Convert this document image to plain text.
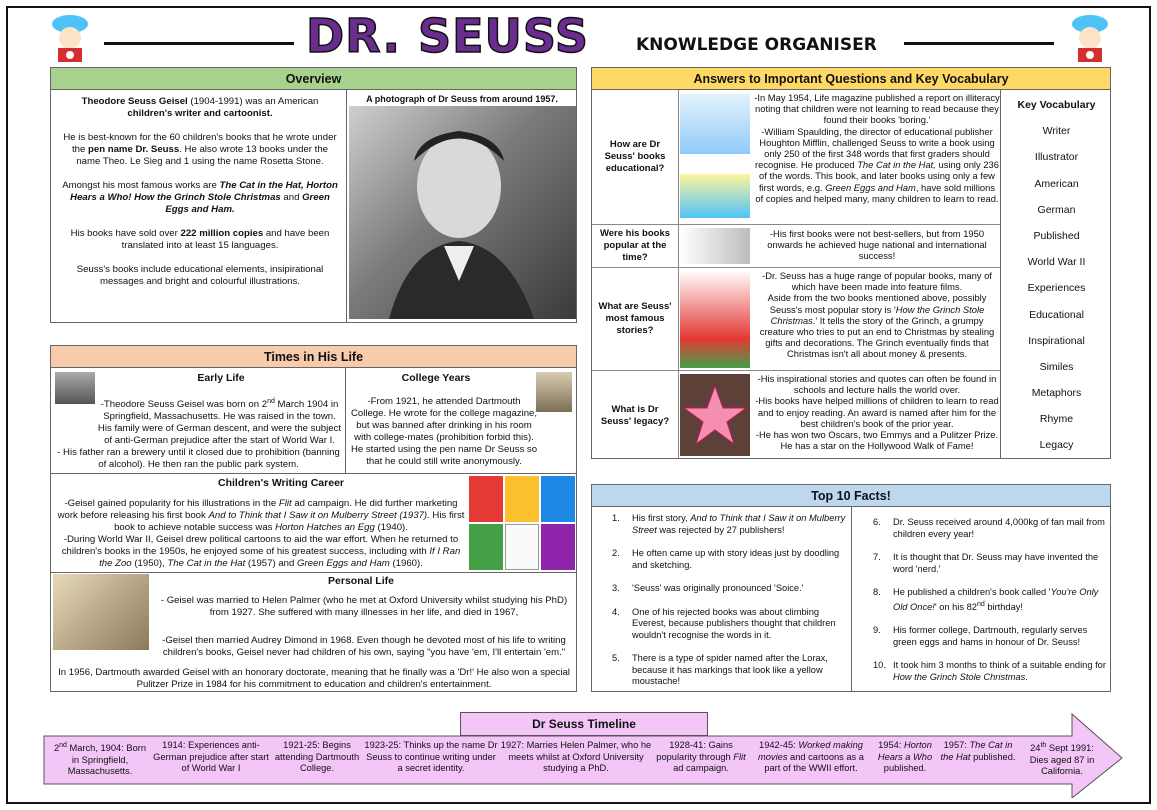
DR. SEUSS	KNOWLEDGE ORGANISER
Overview

Theodore Seuss Geisel (1904-1991) was an American children's writer and cartoonist.

He is best-known for the 60 children's books that he wrote under the pen name Dr. Seuss. He also wrote 13 books under the name Theo. Le Sieg and 1 using the name Rosetta Stone.

Amongst his most famous works are The Cat in the Hat, Horton Hears a Who! How the Grinch Stole Christmas and Green Eggs and Ham.

His books have sold over 222 million copies and have been translated into at least 15 languages.

Seuss's books include educational elements, insipirational messages and bright and colourful illustrations.

A photograph of Dr Seuss from around 1957.
Times in His Life
Early Life

-Theodore Seuss Geisel was born on 2nd March 1904 in Springfield, Massachusetts. He was raised in the town. His family were of German descent, and were the subject of anti-German prejudice after the start of World War I.

- His father ran a brewery until it closed due to prohibition (banning of alcohol). He then ran the public park system.

College Years
-From 1921, he attended Dartmouth College. He wrote for the college magazine, but was banned after drinking in his room with college-mates (prohibition forbid this). He started using the pen name Dr Seuss so that he could still write anonymously.
Children's Writing Career

-Geisel gained popularity for his illustrations in the Flit ad campaign. He did further marketing work before releasing his first book And to Think that I Saw it on Mulberry Street (1937). His first book to achieve notable success was Horton Hatches an Egg (1940).

-During World War II, Geisel drew political cartoons to aid the war effort. When he returned to children's books in the 1950s, he enjoyed some of his greatest success, including with If I Ran the Zoo (1950), The Cat in the Hat (1957) and Green Eggs and Ham (1960).

Personal Life
- Geisel was married to Helen Palmer (who he met at Oxford University whilst studying his PhD) from 1927. She suffered with many illnesses in her life, and died in 1967,
-Geisel then married Audrey Dimond in 1968. Even though he devoted most of his life to writing children's books, Geisel never had children of his own, saying "you have 'em, I'll entertain 'em."
In 1956, Dartmouth awarded Geisel with an honorary doctorate, meaning that he finally was a 'Dr!' He also won a special Pulitzer Prize in 1984 for his commitment to education and children's entertainment.
Answers to Important Questions and Key Vocabulary
How are Dr Seuss' books educational?

-In May 1954, Life magazine published a report on illiteracy noting that children were not learning to read because they found their books 'boring.'

-William Spaulding, the director of educational publisher Houghton Mifflin, challenged Seuss to write a book using only 250 of the first 348 words that first graders should recognise. He produced The Cat in the Hat, using only 236 of the words. This book, and later books using only a few first words, e.g. Green Eggs and Ham, have sold millions of copies and helped many, many children to learn to read.

Were his books popular at the time?
-His first books were not best-sellers, but from 1950 onwards he achieved huge national and international success!
What are Seuss' most famous stories?

-Dr. Seuss has a huge range of popular books, many of which have been made into feature films.

Aside from the two books mentioned above, possibly Seuss's most popular story is 'How the Grinch Stole Christmas.' It tells the story of the Grinch, a grumpy creature who tries to put an end to Christmas by stealing gifts and decorations. The Grinch eventually finds that Christmas isn't all about money & presents.

What is Dr Seuss' legacy?

-His inspirational stories and quotes can often be found in schools and lecture halls the world over.

-His books have helped millions of children to learn to read and to enjoy reading. An award is named after him for the best children's book of the prior year.

-He has won two Oscars, two Emmys and a Pulitzer Prize. He has a star on the Hollywood Walk of Fame!

Key Vocabulary
Writer
Illustrator
American
German
Published
World War II
Experiences
Educational
Inspirational
Similes
Metaphors
Rhyme
Legacy
Top 10 Facts!
1.	His first story, And to Think that I Saw it on Mulberry Street was rejected by 27 publishers!
2.	He often came up with story ideas just by doodling and sketching.
3.	'Seuss' was originally pronounced 'Soice.'
4.	One of his rejected books was about climbing Everest, because publishers thought that children wouldn't recognise the words in it.
5.	There is a type of spider named after the Lorax, because it has markings that look like a yellow moustache!
6.	Dr. Seuss received around 4,000kg of fan mail from children every year!
7.	It is thought that Dr. Seuss may have invented the word 'nerd.'
8.	He published a children's book called 'You're Only Old Once!' on his 82nd birthday!
9.	His former college, Dartmouth, regularly serves green eggs and hams in honour of Dr. Seuss!
10. It took him 3 months to think of a suitable ending for How the Grinch Stole Christmas.
Dr Seuss Timeline
2nd March, 1904: Born in Springfield, Massachusetts.
1914: Experiences anti-German prejudice after start of World War I
1921-25: Begins attending Dartmouth College.
1923-25: Thinks up the name Dr Seuss to continue writing under a secret identity.
1927: Marries Helen Palmer, who he meets whilst at Oxford University studying a PhD.
1928-41: Gains popularity through Flit ad campaign.
1942-45: Worked making movies and cartoons as a part of the WWII effort.
1954: Horton Hears a Who published.
1957: The Cat in the Hat published.
24th Sept 1991: Dies aged 87 in California.
